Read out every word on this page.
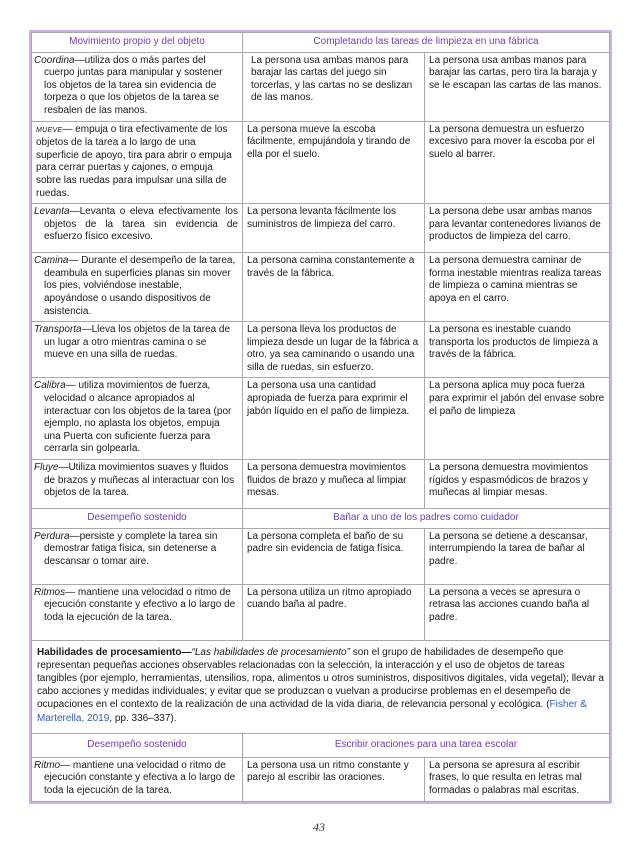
Movimiento propio y del objeto	Completando las tareas de limpieza en una fábrica	
Coordina—utiliza dos o más partes del cuerpo juntas para manipular y sostener los objetos de la tarea sin evidencia de torpeza o que los objetos de la tarea se resbalen de las manos.	La persona usa ambas manos para barajar las cartas del juego sin torcerlas, y las cartas no se deslizan de las manos.	La persona usa ambas manos para barajar las cartas, pero tira la baraja y se le escapan las cartas de las manos.
MUEVE— empuja o tira efectivamente de los objetos de la tarea a lo largo de una superficie de apoyo, tira para abrir o empuja para cerrar puertas y cajones, o empuja sobre las ruedas para impulsar una silla de ruedas.	La persona mueve la escoba fácilmente, empujándola y tirando de ella por el suelo.	La persona demuestra un esfuerzo excesivo para mover la escoba por el suelo al barrer.
Levanta—Levanta o eleva efectivamente los objetos de la tarea sin evidencia de esfuerzo físico excesivo.	La persona levanta fácilmente los suministros de limpieza del carro.	La persona debe usar ambas manos para levantar contenedores livianos de productos de limpieza del carro.
Camina— Durante el desempeño de la tarea, deambula en superficies planas sin mover los pies, volviéndose inestable, apoyándose o usando dispositivos de asistencia.	La persona camina constantemente a través de la fábrica.	La persona demuestra caminar de forma inestable mientras realiza tareas de limpieza o camina mientras se apoya en el carro.
Transporta—Lleva los objetos de la tarea de un lugar a otro mientras camina o se mueve en una silla de ruedas.	La persona lleva los productos de limpieza desde un lugar de la fábrica a otro, ya sea caminando o usando una silla de ruedas, sin esfuerzo.	La persona es inestable cuando transporta los productos de limpieza a través de la fábrica.
Calibra— utiliza movimientos de fuerza, velocidad o alcance apropiados al interactuar con los objetos de la tarea (por ejemplo, no aplasta los objetos, empuja una Puerta con suficiente fuerza para cerrarla sin golpearla.	La persona usa una cantidad apropiada de fuerza para exprimir el jabón líquido en el paño de limpieza.	La persona aplica muy poca fuerza para exprimir el jabón del envase sobre el paño de limpieza
Fluye—Utiliza movimientos suaves y fluidos de brazos y muñecas al interactuar con los objetos de la tarea.	La persona demuestra movimientos fluidos de brazo y muñeca al limpiar mesas.	La persona demuestra movimientos rígidos y espasmódicos de brazos y muñecas al limpiar mesas.
Desempeño sostenido	Bañar a uno de los padres como cuidador	
Perdura—persiste y complete la tarea sin demostrar fatiga física, sin detenerse a descansar o tomar aire.	La persona completa el baño de su padre sin evidencia de fatiga física.	La persona se detiene a descansar, interrumpiendo la tarea de bañar al padre.
Ritmos— mantiene una velocidad o ritmo de ejecución constante y efectivo a lo largo de toda la ejecución de la tarea.	La persona utiliza un ritmo apropiado cuando baña al padre.	La persona a veces se apresura o retrasa las acciones cuando baña al padre.
Habilidades de procesamiento—“Las habilidades de procesamiento” son el grupo de habilidades de desempeño que representan pequeñas acciones observables relacionadas con la selección, la interacción y el uso de objetos de tareas tangibles (por ejemplo, herramientas, utensilios, ropa, alimentos u otros suministros, dispositivos digitales, vida vegetal); llevar a cabo acciones y medidas individuales; y evitar que se produzcan o vuelvan a producirse problemas en el desempeño de ocupaciones en el contexto de la realización de una actividad de la vida diaria, de relevancia personal y ecológica. (Fisher & Marterella, 2019, pp. 336–337).		
Desempeño sostenido	Escribir oraciones para una tarea escolar	
Ritmo— mantiene una velocidad o ritmo de ejecución constante y efectiva a lo largo de toda la ejecución de la tarea.	La persona usa un ritmo constante y parejo al escribir las oraciones.	La persona se apresura al escribir frases, lo que resulta en letras mal formadas o palabras mal escritas.
43
